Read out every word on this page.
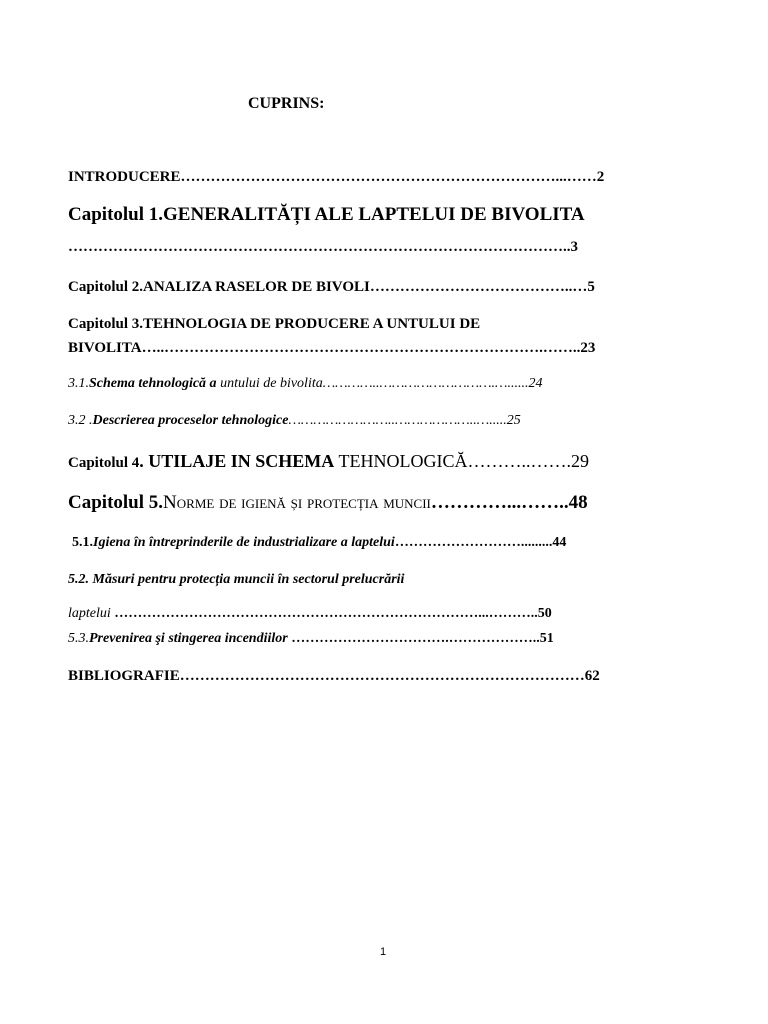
CUPRINS:
INTRODUCERE…………………………………………………………………...……2
Capitolul 1.GENERALITĂȚI ALE LAPTELUI DE BIVOLITA
………………………………………………………………………………………..3
Capitolul 2.ANALIZA RASELOR DE BIVOLI…………………………………..…5
Capitolul 3.TEHNOLOGIA DE PRODUCERE A UNTULUI DE
BIVOLITA…..………………………………………………………………….……..23
3.1.Schema tehnologică a untului de bivolita…………..……………………….…......24
3.2 .Descrierea proceselor tehnologice……………………..………………..….....25
Capitolul 4. UTILAJE IN SCHEMA TEHNOLOGICĂ………..…….29
Capitolul 5.Norme de igienă și protecția muncii…………...……..48
5.1.Igiena în întreprinderile de industrializare a laptelui……………………….........44
5.2. Măsuri pentru protecția muncii în sectorul prelucrării
laptelui ……………………………………………………………………...………..50
5.3.Prevenirea şi stingerea incendiilor …………………………….………………..51
BIBLIOGRAFIE………………………………………………………………………62
1
